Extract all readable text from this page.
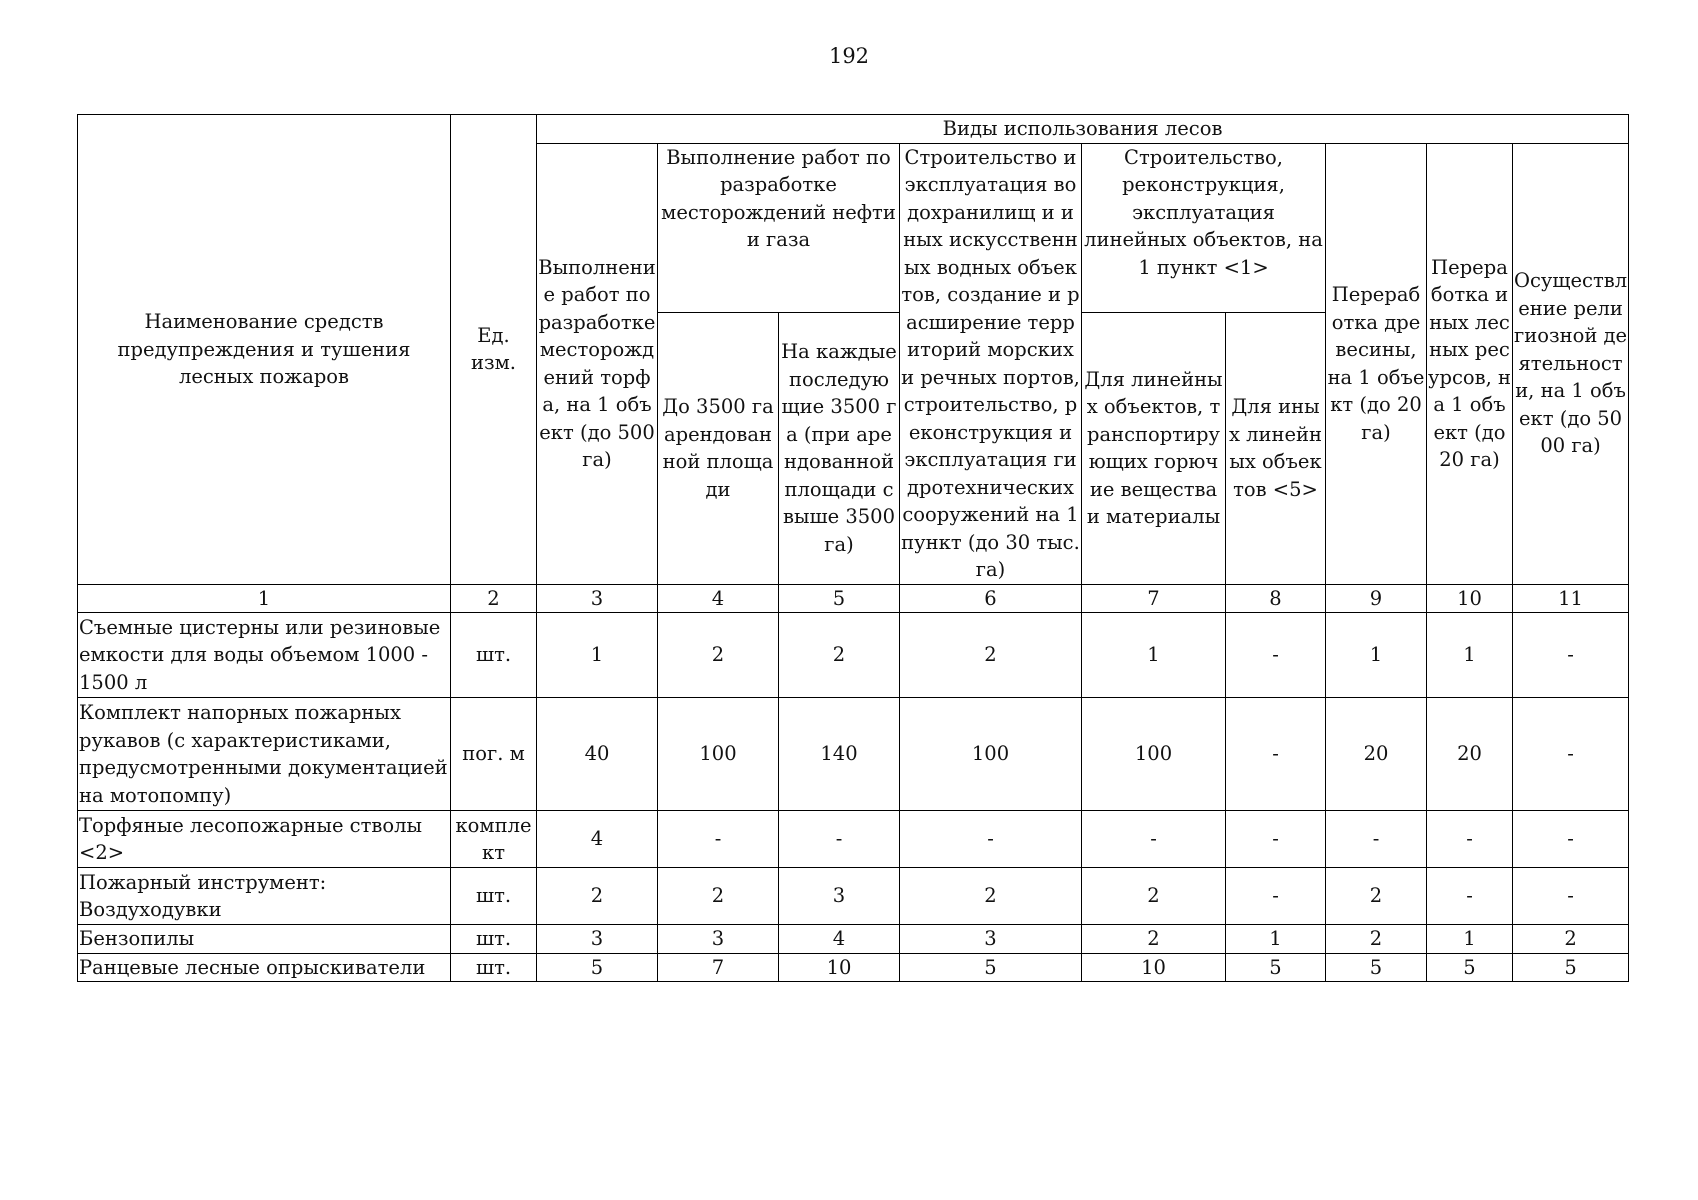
192
Наименование средств предупреждения и тушения лесных пожаров	Ед. изм.	Виды использования лесов								
		Выполнение работ по разработке месторождений торфа, на 1 объект (до 500 га)	Выполнение работ по разработке месторождений нефти и газа		Строительство и эксплуатация водохранилищ и иных искусственных водных объектов, создание и расширение территорий морских и речных портов, строительство, реконструкция и эксплуатация гидротехнических сооружений на 1 пункт (до 30 тыс. га)	Строительство, реконструкция, эксплуатация линейных объектов, на 1 пункт <1>		Переработка древесины, на 1 объект (до 20 га)	Переработка иных лесных ресурсов, на 1 объект (до 20 га)	Осуществление религиозной деятельности, на 1 объект (до 5000 га)
			До 3500 га арендованной площади	На каждые последующие 3500 га (при арендованной площади свыше 3500 га)		Для линейных объектов, транспортирующих горючие вещества и материалы	Для иных линейных объектов <5>			
1	2	3	4	5	6	7	8	9	10	11
Съемные цистерны или резиновые емкости для воды объемом 1000 - 1500 л	шт.	1	2	2	2	1	-	1	1	-
Комплект напорных пожарных рукавов (с характеристиками, предусмотренными документацией на мотопомпу)	пог. м	40	100	140	100	100	-	20	20	-
Торфяные лесопожарные стволы <2>	комплект	4	-	-	-	-	-	-	-	-
Пожарный инструмент: Воздуходувки	шт.	2	2	3	2	2	-	2	-	-
Бензопилы	шт.	3	3	4	3	2	1	2	1	2
Ранцевые лесные опрыскиватели	шт.	5	7	10	5	10	5	5	5	5
